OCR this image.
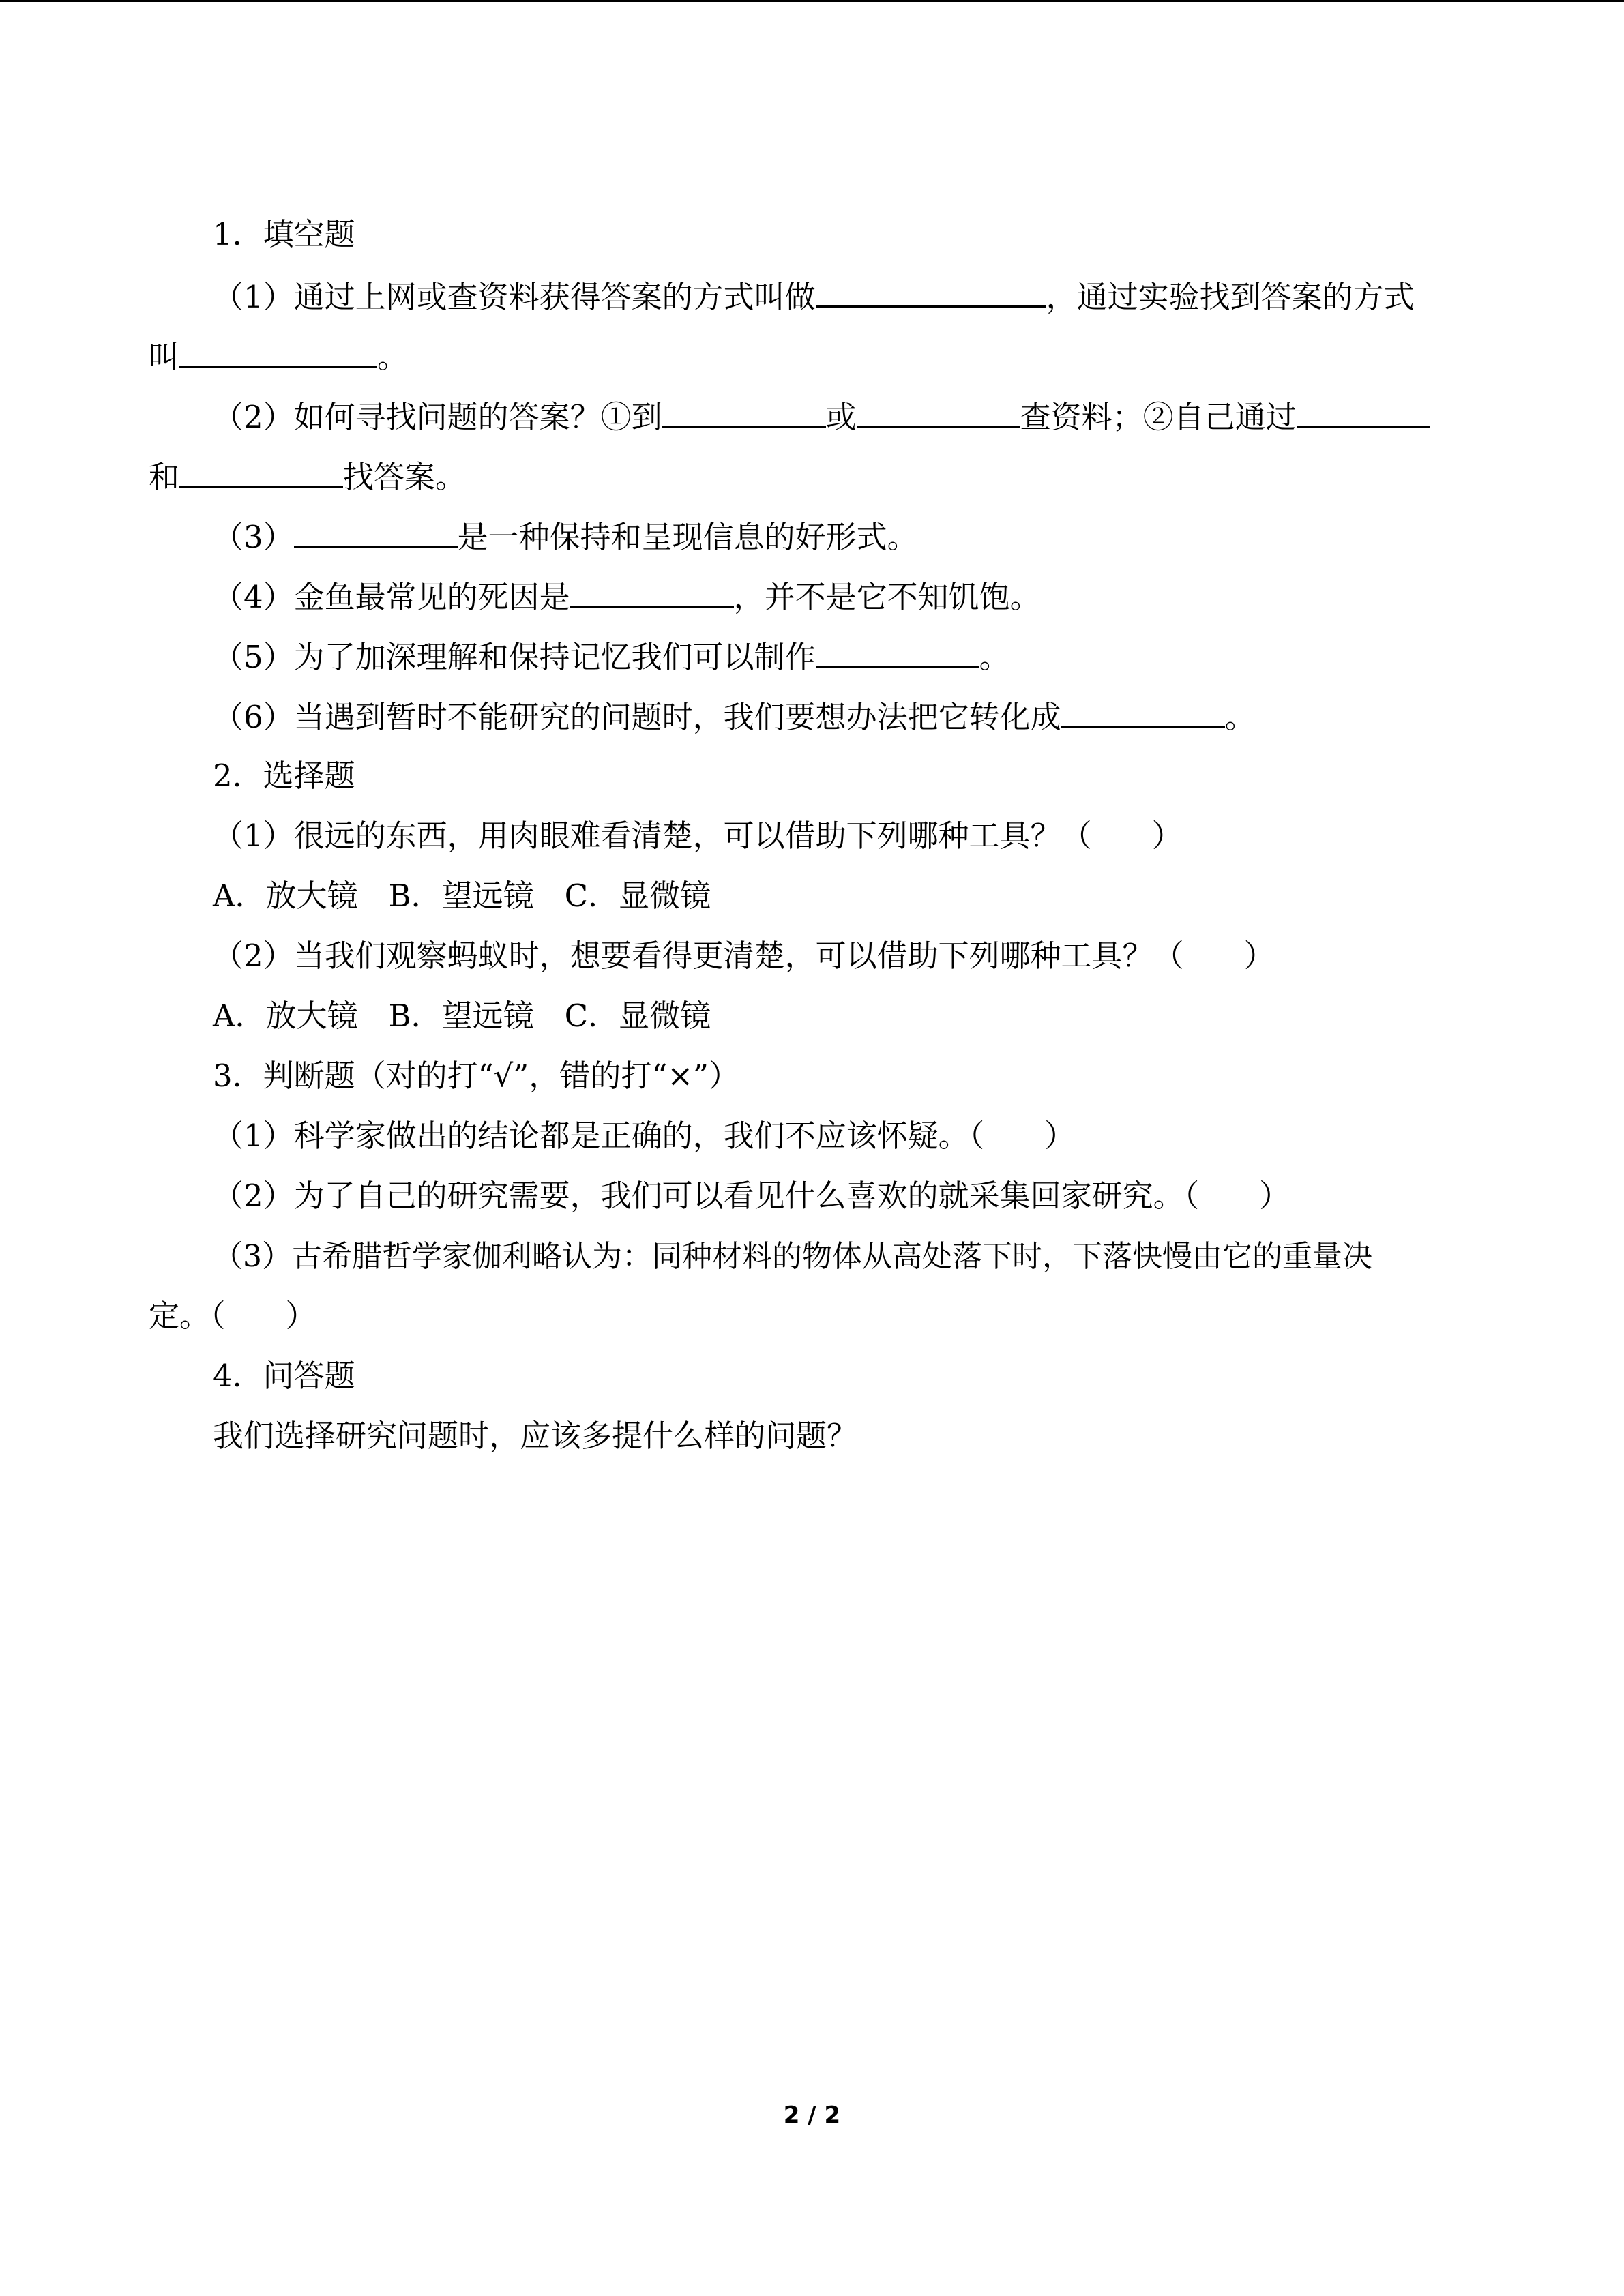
1．填空题
（1）通过上网或查资料获得答案的方式叫做	，通过实验找到答案的方式
叫	。
（2）如何寻找问题的答案？①到	或	查资料；②自己通过
和	找答案。
（3）	是一种保持和呈现信息的好形式。
（4）金鱼最常见的死因是	，并不是它不知饥饱。
（5）为了加深理解和保持记忆我们可以制作	。
（6）当遇到暂时不能研究的问题时，我们要想办法把它转化成	。
2．选择题
（1）很远的东西，用肉眼难看清楚，可以借助下列哪种工具？（ ）
A．放大镜　B．望远镜　C．显微镜
（2）当我们观察蚂蚁时，想要看得更清楚，可以借助下列哪种工具？（ ）
A．放大镜　B．望远镜　C．显微镜
3．判断题（对的打“√”，错的打“×”）
（1）科学家做出的结论都是正确的，我们不应该怀疑。（ ）
（2）为了自己的研究需要，我们可以看见什么喜欢的就采集回家研究。（ ）
（3）古希腊哲学家伽利略认为：同种材料的物体从高处落下时，下落快慢由它的重量决
定。（ ）
4．问答题
我们选择研究问题时，应该多提什么样的问题？
2 / 2
